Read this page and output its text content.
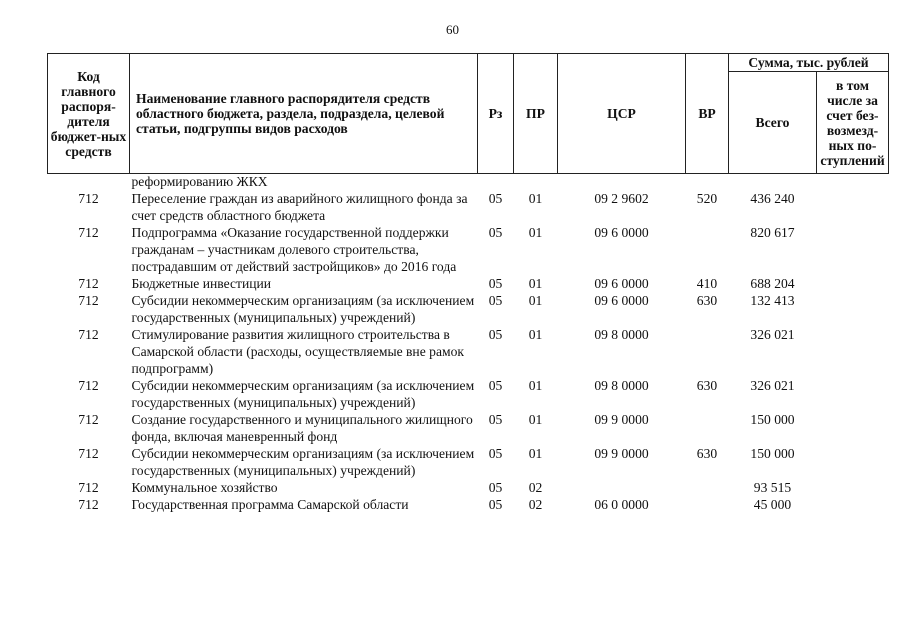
60
Код главного распоря-дителя бюджет-ных средств	Наименование главного распорядителя средств областного бюджета, раздела, подраздела, целевой статьи, подгруппы видов расходов	Рз	ПР	ЦСР	ВР	Сумма, тыс. рублей	
						Всего	в том числе за счет без-возмезд-ных по-ступлений
	реформированию ЖКХ						
712	Переселение граждан из аварийного жилищного фонда за счет средств областного бюджета	05	01	09 2 9602	520	436 240	
712	Подпрограмма «Оказание государственной поддержки гражданам – участникам долевого строительства, пострадавшим от действий застройщиков» до 2016 года	05	01	09 6 0000		820 617	
712	Бюджетные инвестиции	05	01	09 6 0000	410	688 204	
712	Субсидии некоммерческим организациям (за исключением государственных (муниципальных) учреждений)	05	01	09 6 0000	630	132 413	
712	Стимулирование развития жилищного строительства в Самарской области (расходы, осуществляемые вне рамок подпрограмм)	05	01	09 8 0000		326 021	
712	Субсидии некоммерческим организациям (за исключением государственных (муниципальных) учреждений)	05	01	09 8 0000	630	326 021	
712	Создание государственного и муниципального жилищного фонда, включая маневренный фонд	05	01	09 9 0000		150 000	
712	Субсидии некоммерческим организациям (за исключением государственных (муниципальных) учреждений)	05	01	09 9 0000	630	150 000	
712	Коммунальное хозяйство	05	02			93 515	
712	Государственная программа Самарской области	05	02	06 0 0000		45 000	
